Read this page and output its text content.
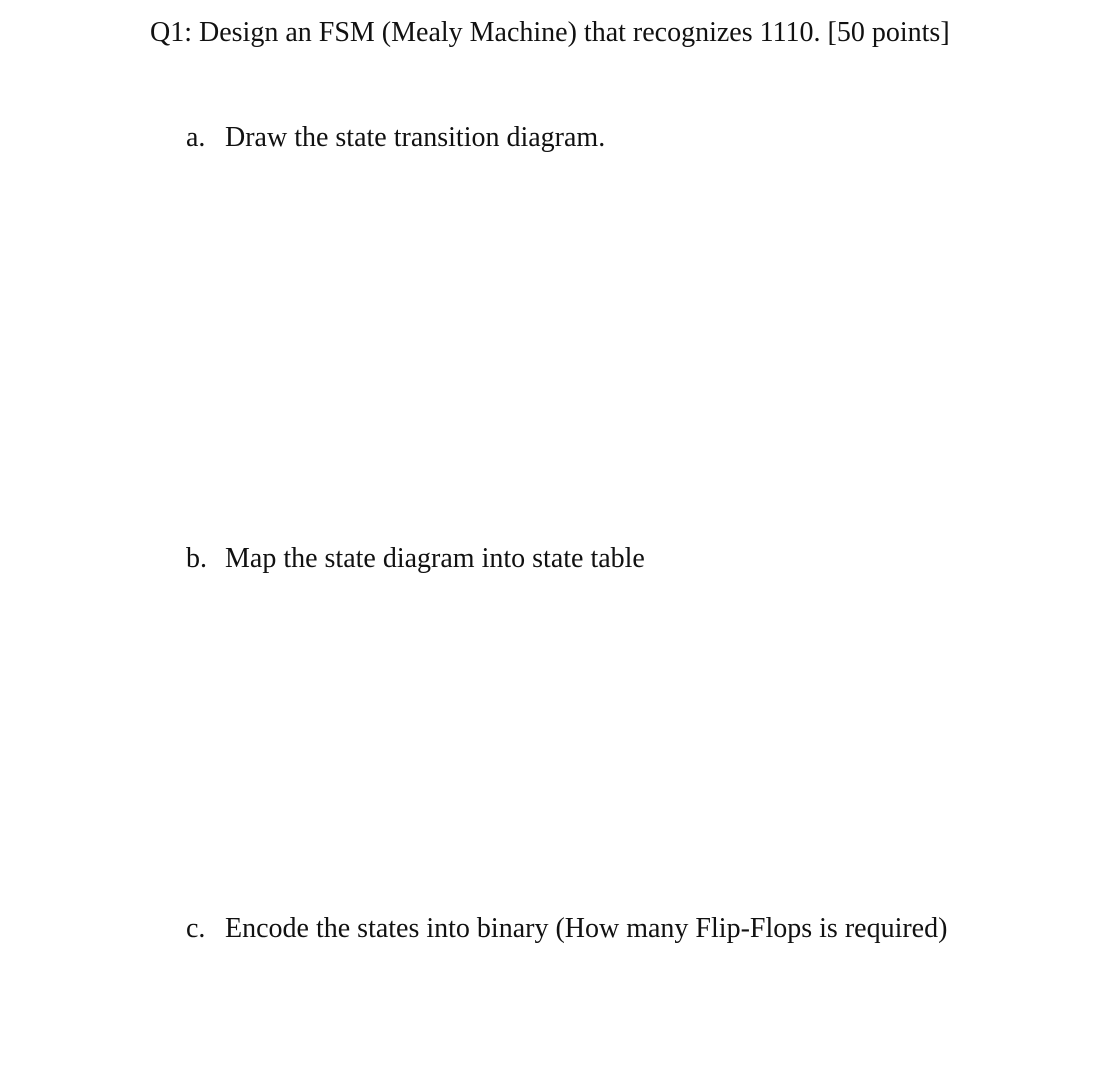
Q1: Design an FSM (Mealy Machine) that recognizes 1110. [50 points]
a. Draw the state transition diagram.
b. Map the state diagram into state table
c. Encode the states into binary (How many Flip-Flops is required)
